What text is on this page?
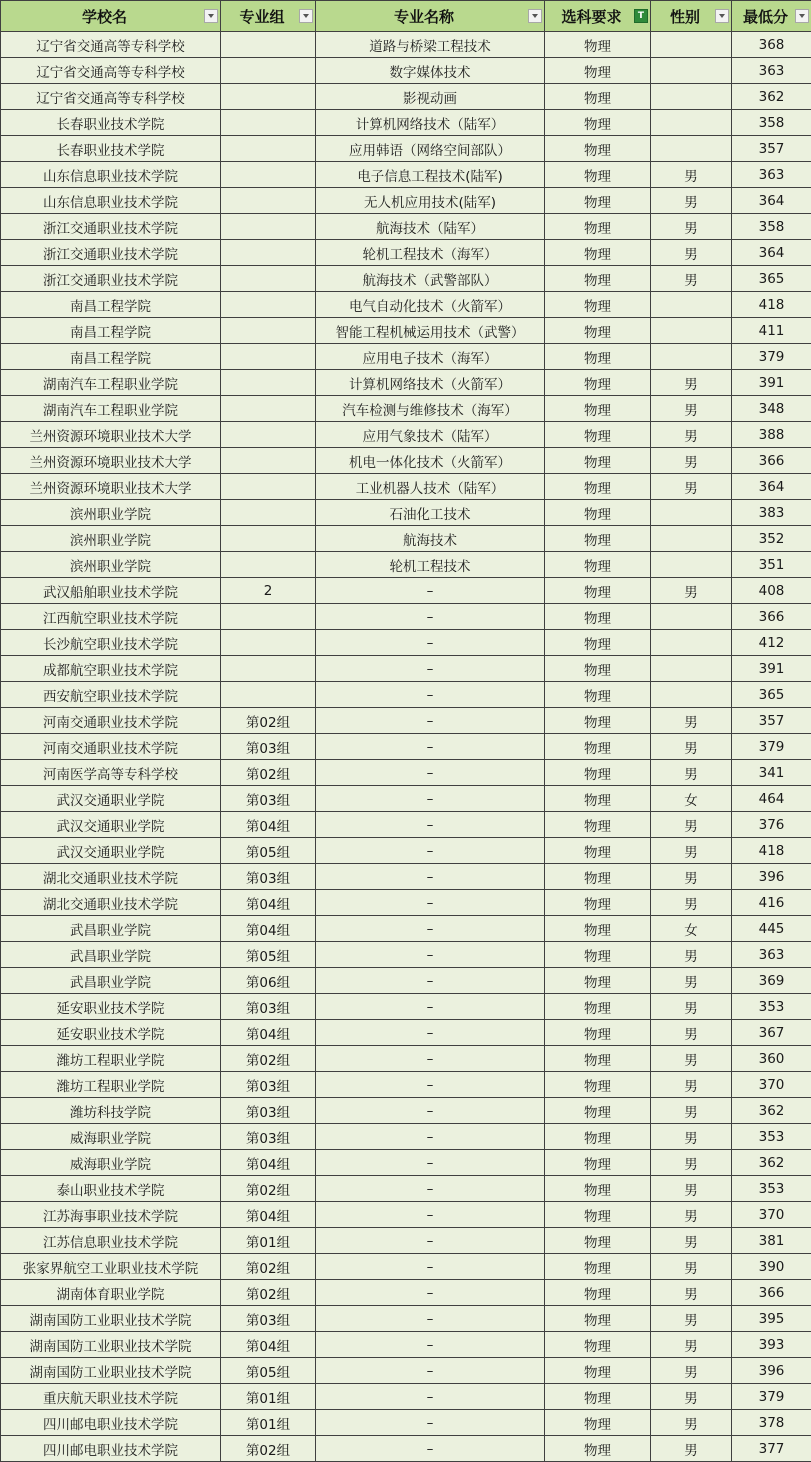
学校名	专业组	专业名称	选科要求 T	性别	最低分

辽宁省交通高等专科学校		道路与桥梁工程技术	物理		368
辽宁省交通高等专科学校		数字媒体技术	物理		363
辽宁省交通高等专科学校		影视动画	物理		362
长春职业技术学院		计算机网络技术（陆军）	物理		358
长春职业技术学院		应用韩语（网络空间部队）	物理		357
山东信息职业技术学院		电子信息工程技术(陆军)	物理	男	363
山东信息职业技术学院		无人机应用技术(陆军)	物理	男	364
浙江交通职业技术学院		航海技术（陆军）	物理	男	358
浙江交通职业技术学院		轮机工程技术（海军）	物理	男	364
浙江交通职业技术学院		航海技术（武警部队）	物理	男	365
南昌工程学院		电气自动化技术（火箭军）	物理		418
南昌工程学院		智能工程机械运用技术（武警）	物理		411
南昌工程学院		应用电子技术（海军）	物理		379
湖南汽车工程职业学院		计算机网络技术（火箭军）	物理	男	391
湖南汽车工程职业学院		汽车检测与维修技术（海军）	物理	男	348
兰州资源环境职业技术大学		应用气象技术（陆军）	物理	男	388
兰州资源环境职业技术大学		机电一体化技术（火箭军）	物理	男	366
兰州资源环境职业技术大学		工业机器人技术（陆军）	物理	男	364
滨州职业学院		石油化工技术	物理		383
滨州职业学院		航海技术	物理		352
滨州职业学院		轮机工程技术	物理		351
武汉船舶职业技术学院	2	–	物理	男	408
江西航空职业技术学院		–	物理		366
长沙航空职业技术学院		–	物理		412
成都航空职业技术学院		–	物理		391
西安航空职业技术学院		–	物理		365
河南交通职业技术学院	第02组	–	物理	男	357
河南交通职业技术学院	第03组	–	物理	男	379
河南医学高等专科学校	第02组	–	物理	男	341
武汉交通职业学院	第03组	–	物理	女	464
武汉交通职业学院	第04组	–	物理	男	376
武汉交通职业学院	第05组	–	物理	男	418
湖北交通职业技术学院	第03组	–	物理	男	396
湖北交通职业技术学院	第04组	–	物理	男	416
武昌职业学院	第04组	–	物理	女	445
武昌职业学院	第05组	–	物理	男	363
武昌职业学院	第06组	–	物理	男	369
延安职业技术学院	第03组	–	物理	男	353
延安职业技术学院	第04组	–	物理	男	367
潍坊工程职业学院	第02组	–	物理	男	360
潍坊工程职业学院	第03组	–	物理	男	370
潍坊科技学院	第03组	–	物理	男	362
威海职业学院	第03组	–	物理	男	353
威海职业学院	第04组	–	物理	男	362
泰山职业技术学院	第02组	–	物理	男	353
江苏海事职业技术学院	第04组	–	物理	男	370
江苏信息职业技术学院	第01组	–	物理	男	381
张家界航空工业职业技术学院	第02组	–	物理	男	390
湖南体育职业学院	第02组	–	物理	男	366
湖南国防工业职业技术学院	第03组	–	物理	男	395
湖南国防工业职业技术学院	第04组	–	物理	男	393
湖南国防工业职业技术学院	第05组	–	物理	男	396
重庆航天职业技术学院	第01组	–	物理	男	379
四川邮电职业技术学院	第01组	–	物理	男	378
四川邮电职业技术学院	第02组	–	物理	男	377
